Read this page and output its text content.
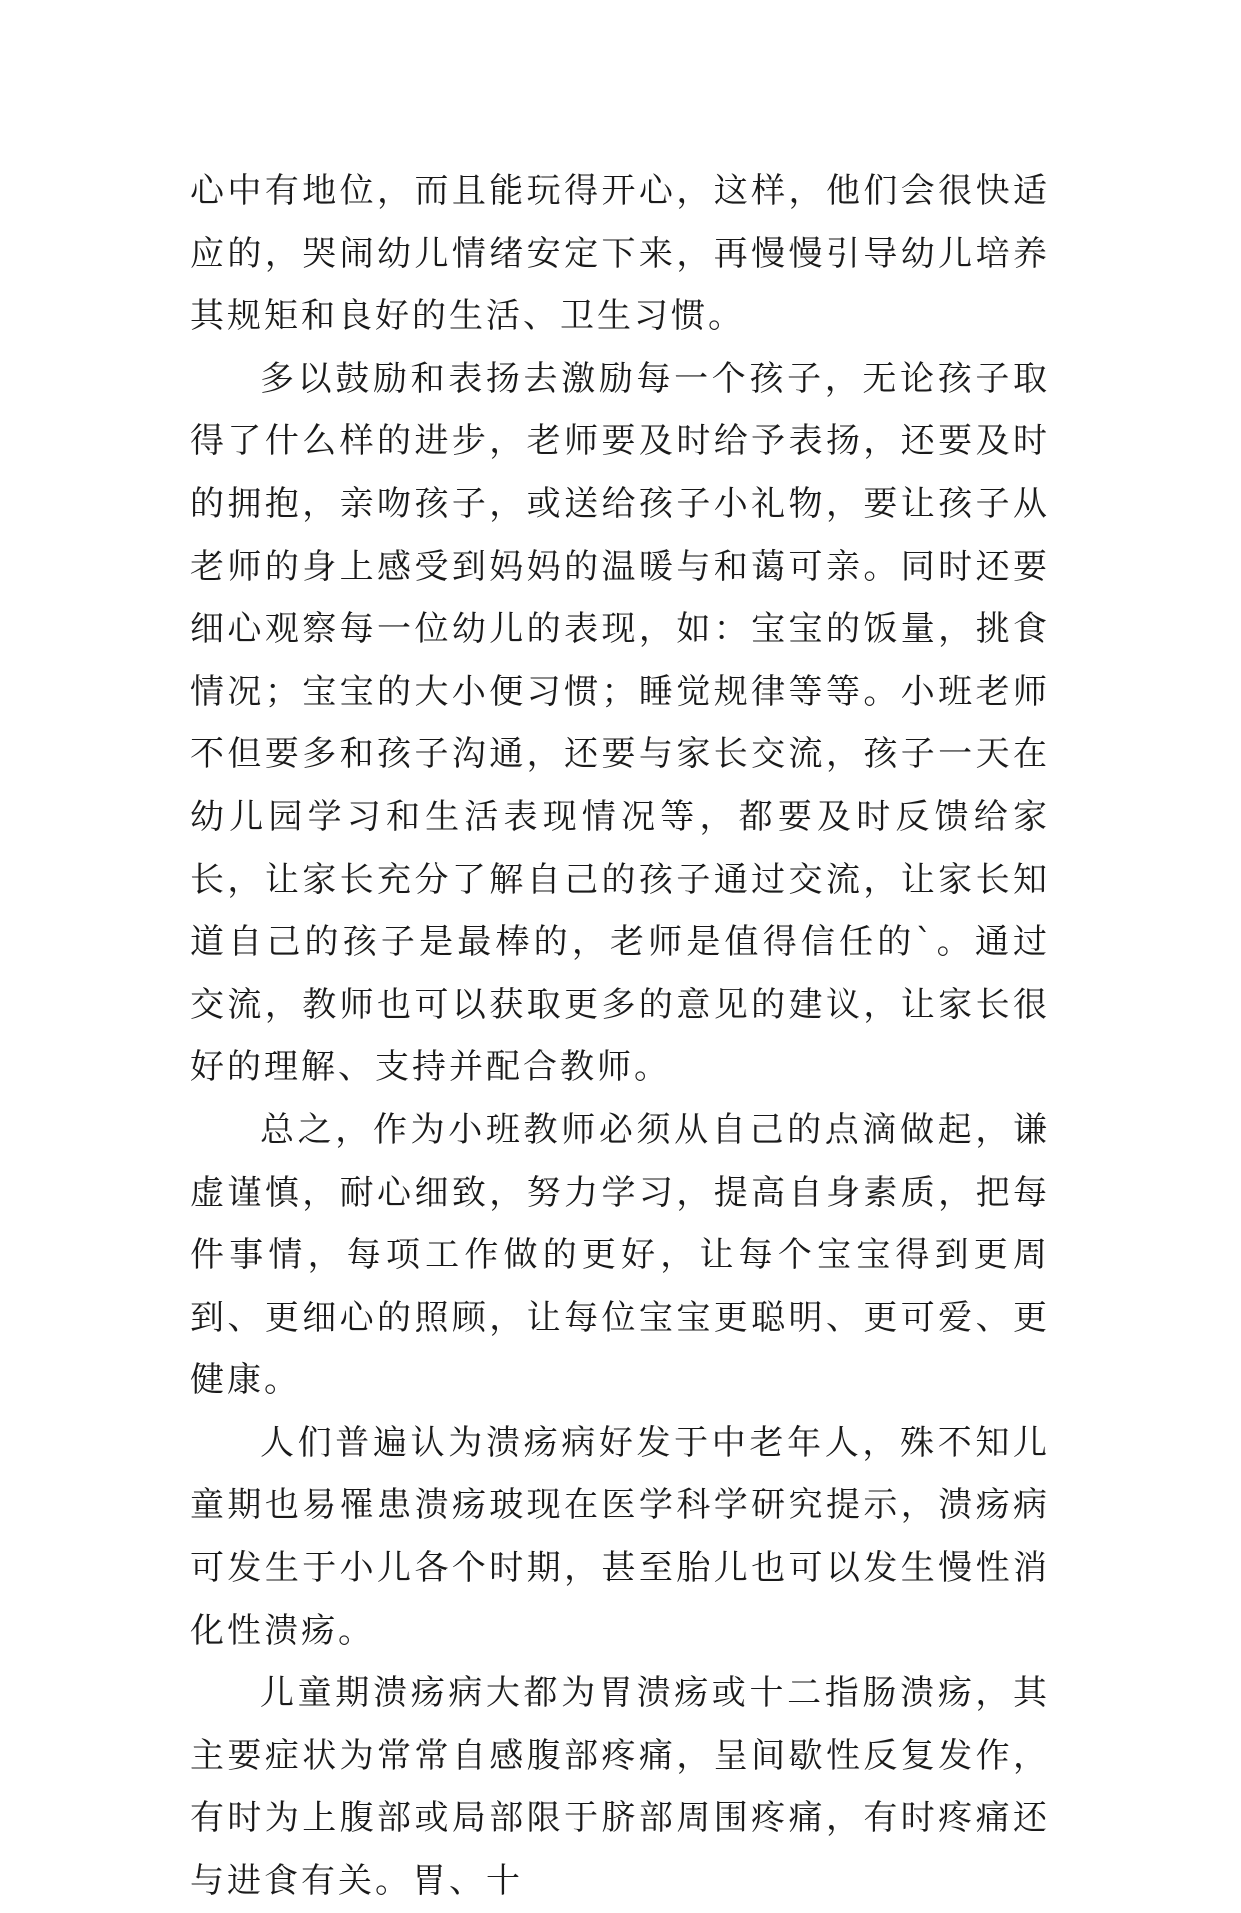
心中有地位，而且能玩得开心，这样，他们会很快适应的，哭闹幼儿情绪安定下来，再慢慢引导幼儿培养其规矩和良好的生活、卫生习惯。

多以鼓励和表扬去激励每一个孩子，无论孩子取得了什么样的进步，老师要及时给予表扬，还要及时的拥抱，亲吻孩子，或送给孩子小礼物，要让孩子从老师的身上感受到妈妈的温暖与和蔼可亲。同时还要细心观察每一位幼儿的表现，如：宝宝的饭量，挑食情况；宝宝的大小便习惯；睡觉规律等等。小班老师不但要多和孩子沟通，还要与家长交流，孩子一天在幼儿园学习和生活表现情况等，都要及时反馈给家长，让家长充分了解自己的孩子通过交流，让家长知道自己的孩子是最棒的，老师是值得信任的`。通过交流，教师也可以获取更多的意见的建议，让家长很好的理解、支持并配合教师。

总之，作为小班教师必须从自己的点滴做起，谦虚谨慎，耐心细致，努力学习，提高自身素质，把每件事情，每项工作做的更好，让每个宝宝得到更周到、更细心的照顾，让每位宝宝更聪明、更可爱、更健康。

人们普遍认为溃疡病好发于中老年人，殊不知儿童期也易罹患溃疡玻现在医学科学研究提示，溃疡病可发生于小儿各个时期，甚至胎儿也可以发生慢性消化性溃疡。

儿童期溃疡病大都为胃溃疡或十二指肠溃疡，其主要症状为常常自感腹部疼痛，呈间歇性反复发作，有时为上腹部或局部限于脐部周围疼痛，有时疼痛还与进食有关。胃、十
